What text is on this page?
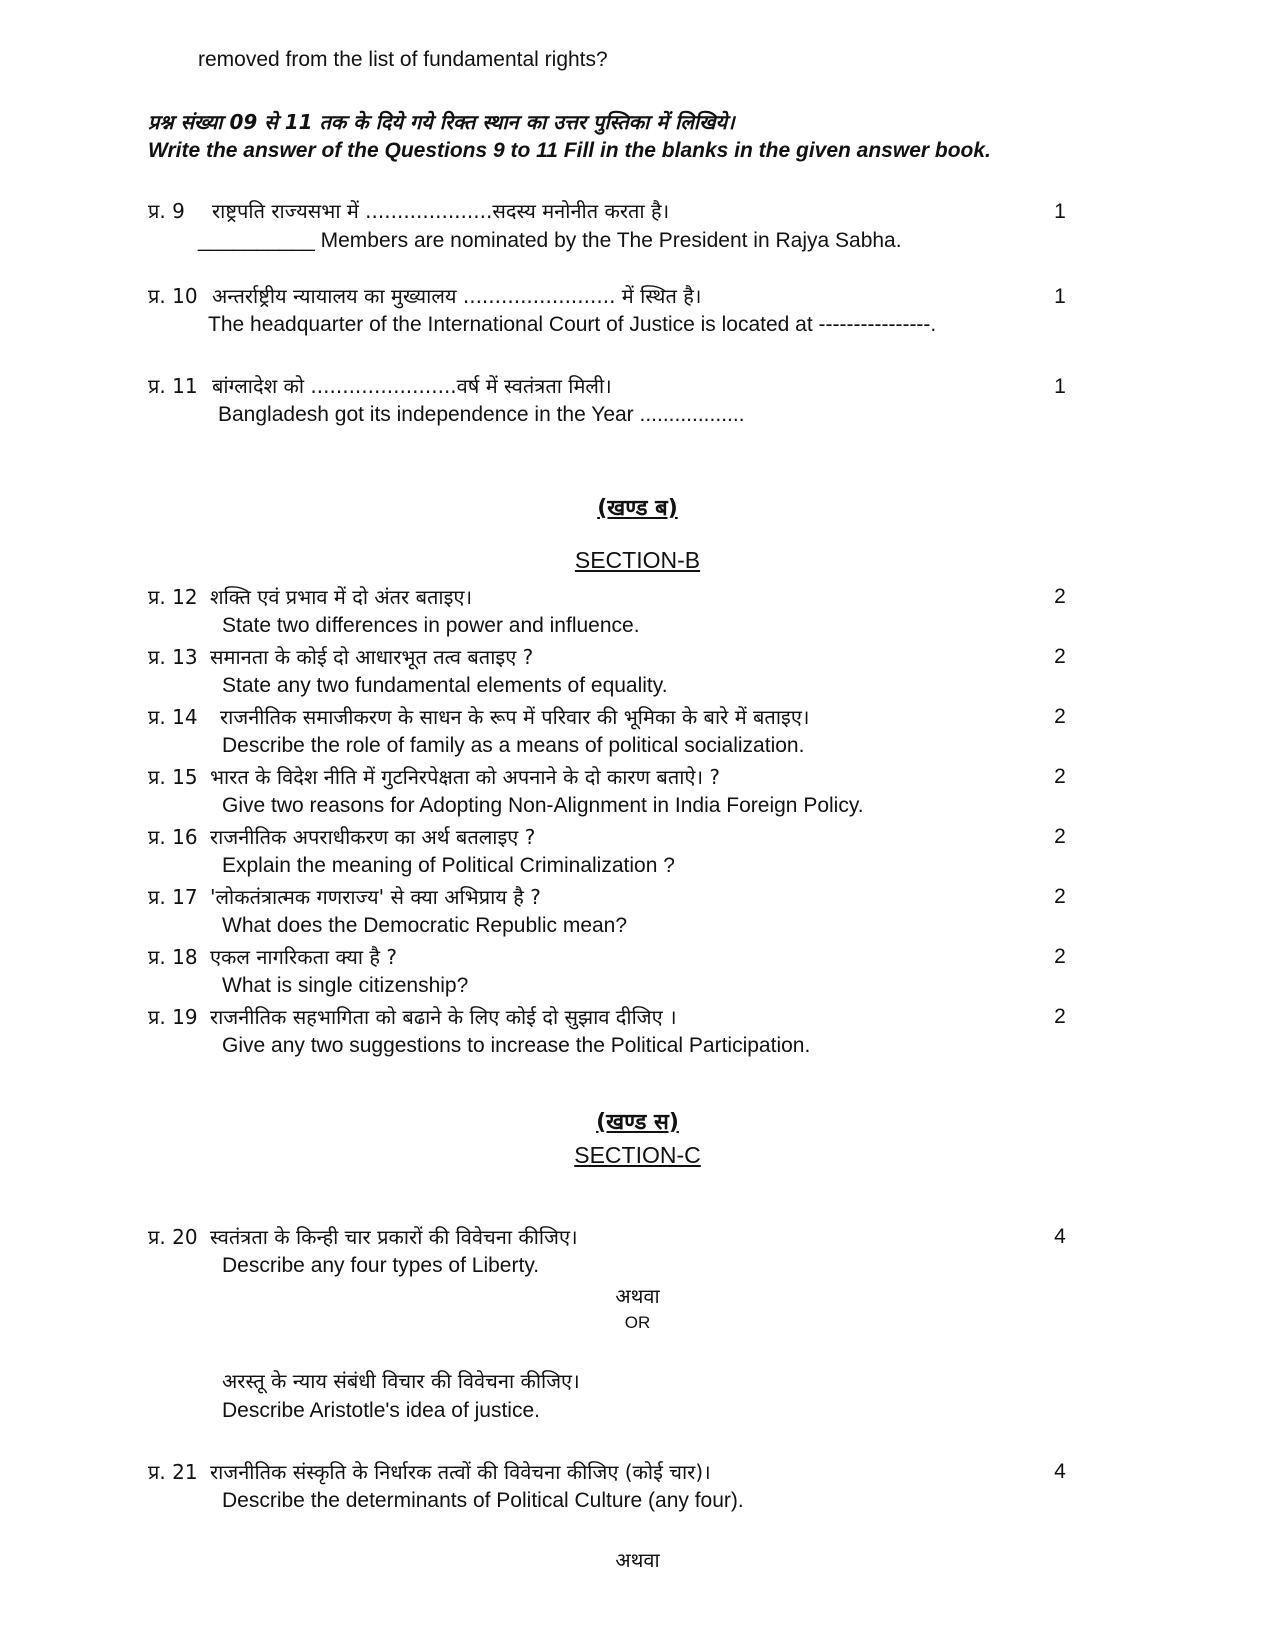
removed from the list of fundamental rights?
प्रश्न संख्या 09 से 11 तक के दिये गये रिक्त स्थान का उत्तर पुस्तिका में लिखिये।
Write the answer of the Questions 9 to 11 Fill in the blanks in the given answer book.
प्र. 9 राष्ट्रपति राज्यसभा में ....................सदस्य मनोनीत करता है।	1
__________ Members are nominated by the The President in Rajya Sabha.
प्र. 10 अन्तर्राष्ट्रीय न्यायालय का मुख्यालय ........................ में स्थित है।	1
The headquarter of the International Court of Justice is located at ----------------.
प्र. 11 बांग्लादेश को .......................वर्ष में स्वतंत्रता मिली।	1
Bangladesh got its independence in the Year ..................
(खण्ड ब)
SECTION-B
प्र. 12 शक्ति एवं प्रभाव में दो अंतर बताइए।	2
State two differences in power and influence.
प्र. 13 समानता के कोई दो आधारभूत तत्व बताइए ?	2
State any two fundamental elements of equality.
प्र. 14 राजनीतिक समाजीकरण के साधन के रूप में परिवार की भूमिका के बारे में बताइए।	2
Describe the role of family as a means of political socialization.
प्र. 15 भारत के विदेश नीति में गुटनिरपेक्षता को अपनाने के दो कारण बताऐ। ?	2
Give two reasons for Adopting Non-Alignment in India Foreign Policy.
प्र. 16 राजनीतिक अपराधीकरण का अर्थ बतलाइए ?	2
Explain the meaning of Political Criminalization ?
प्र. 17 'लोकतंत्रात्मक गणराज्य' से क्या अभिप्राय है ?	2
What does the Democratic Republic mean?
प्र. 18 एकल नागरिकता क्या है ?	2
What is single citizenship?
प्र. 19 राजनीतिक सहभागिता को बढाने के लिए कोई दो सुझाव दीजिए ।	2
Give any two suggestions to increase the Political Participation.
(खण्ड स)
SECTION-C
प्र. 20 स्वतंत्रता के किन्ही चार प्रकारों की विवेचना कीजिए।	4
Describe any four types of Liberty.
अथवा
OR
अरस्तू के न्याय संबंधी विचार की विवेचना कीजिए।
Describe Aristotle's idea of justice.
प्र. 21 राजनीतिक संस्कृति के निर्धारक तत्वों की विवेचना कीजिए (कोई चार)।	4
Describe the determinants of Political Culture (any four).
अथवा
